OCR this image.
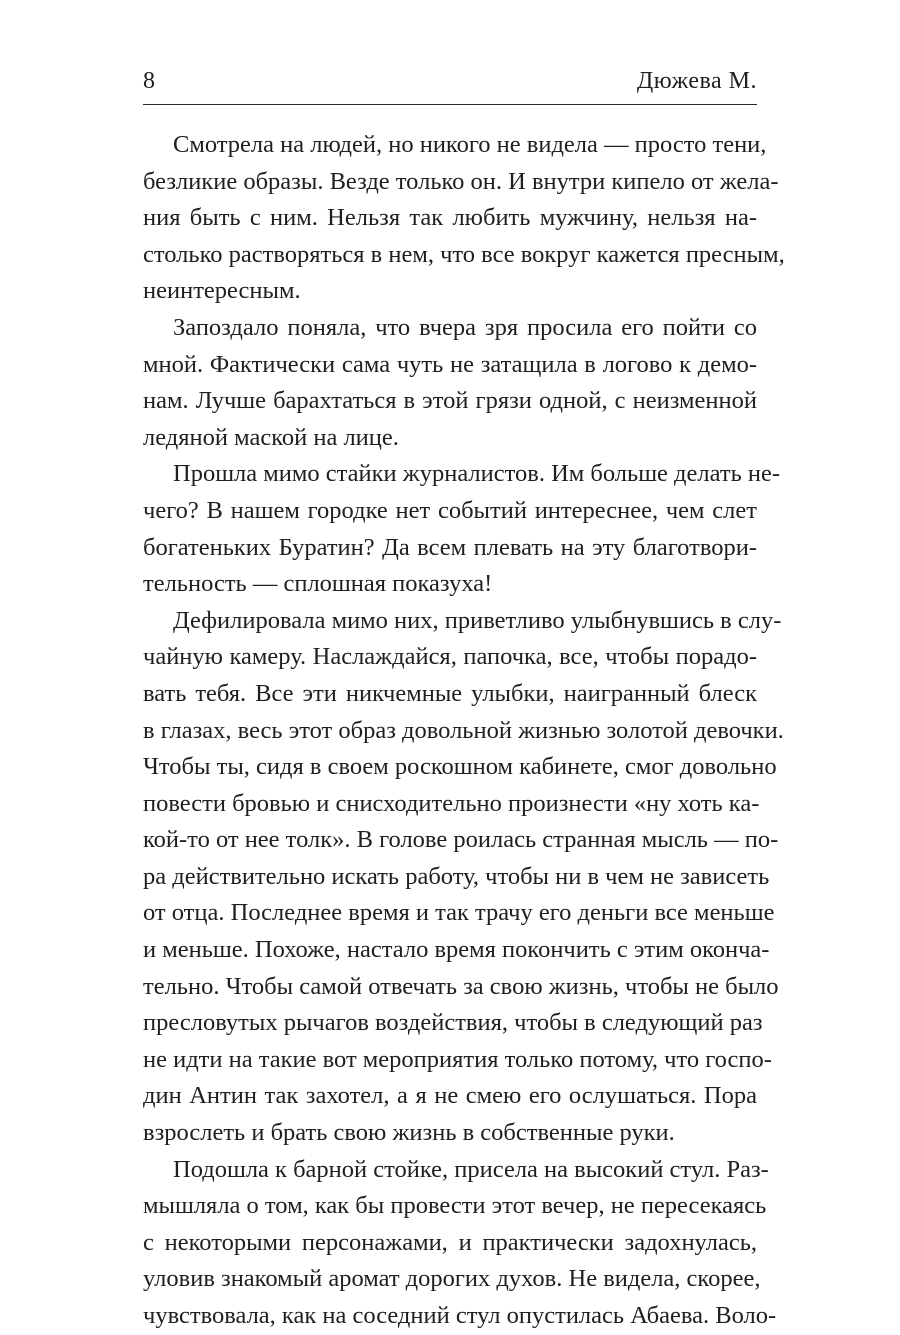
8	Дюжева М.
Смотрела на людей, но никого не видела — просто тени,
безликие образы. Везде только он. И внутри кипело от жела-
ния быть с ним. Нельзя так любить мужчину, нельзя на-
столько растворяться в нем, что все вокруг кажется пресным,
неинтересным.
Запоздало поняла, что вчера зря просила его пойти со
мной. Фактически сама чуть не затащила в логово к демо-
нам. Лучше барахтаться в этой грязи одной, с неизменной
ледяной маской на лице.
Прошла мимо стайки журналистов. Им больше делать не-
чего? В нашем городке нет событий интереснее, чем слет
богатеньких Буратин? Да всем плевать на эту благотвори-
тельность — сплошная показуха!
Дефилировала мимо них, приветливо улыбнувшись в слу-
чайную камеру. Наслаждайся, папочка, все, чтобы порадо-
вать тебя. Все эти никчемные улыбки, наигранный блеск
в глазах, весь этот образ довольной жизнью золотой девочки.
Чтобы ты, сидя в своем роскошном кабинете, смог довольно
повести бровью и снисходительно произнести «ну хоть ка-
кой-то от нее толк». В голове роилась странная мысль — по-
ра действительно искать работу, чтобы ни в чем не зависеть
от отца. Последнее время и так трачу его деньги все меньше
и меньше. Похоже, настало время покончить с этим оконча-
тельно. Чтобы самой отвечать за свою жизнь, чтобы не было
пресловутых рычагов воздействия, чтобы в следующий раз
не идти на такие вот мероприятия только потому, что госпо-
дин Антин так захотел, а я не смею его ослушаться. Пора
взрослеть и брать свою жизнь в собственные руки.
Подошла к барной стойке, присела на высокий стул. Раз-
мышляла о том, как бы провести этот вечер, не пересекаясь
с некоторыми персонажами, и практически задохнулась,
уловив знакомый аромат дорогих духов. Не видела, скорее,
чувствовала, как на соседний стул опустилась Абаева. Воло-
